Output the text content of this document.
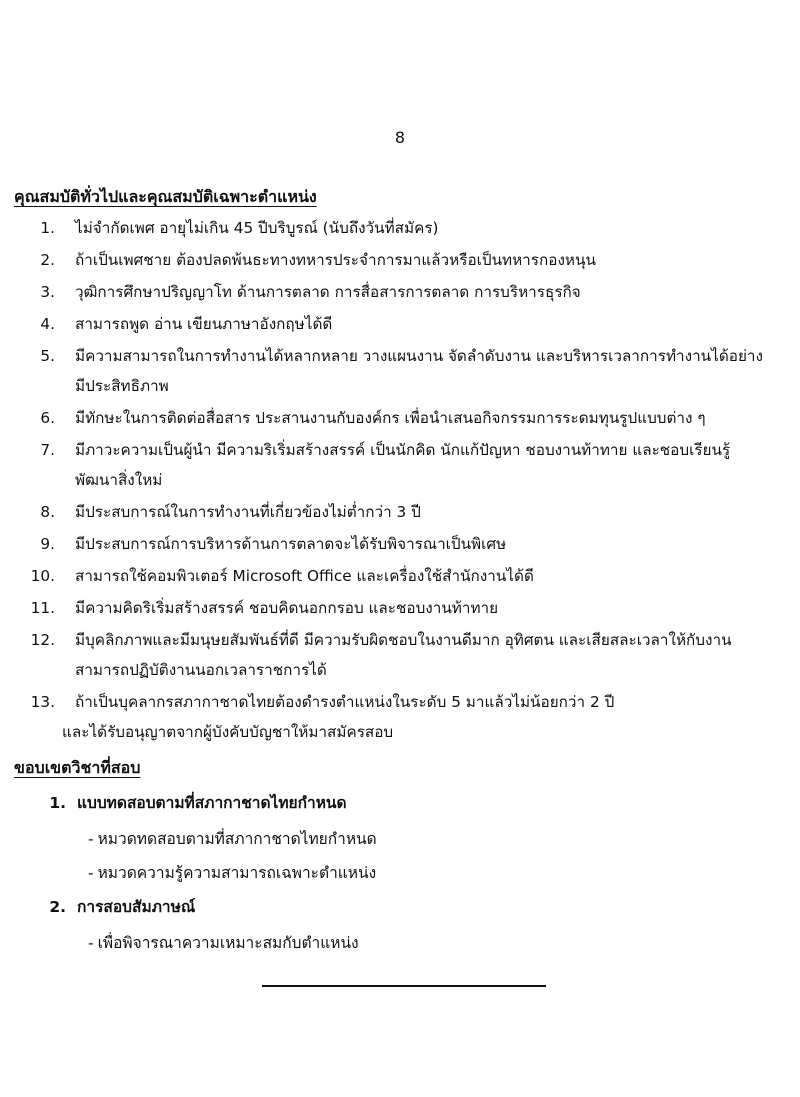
8
คุณสมบัติทั่วไปและคุณสมบัติเฉพาะตำแหน่ง
1. ไม่จำกัดเพศ อายุไม่เกิน 45 ปีบริบูรณ์ (นับถึงวันที่สมัคร)
2. ถ้าเป็นเพศชาย ต้องปลดพ้นธะทางทหารประจำการมาแล้วหรือเป็นทหารกองหนุน
3. วุฒิการศึกษาปริญญาโท ด้านการตลาด การสื่อสารการตลาด การบริหารธุรกิจ
4. สามารถพูด อ่าน เขียนภาษาอังกฤษได้ดี
5. มีความสามารถในการทำงานได้หลากหลาย วางแผนงาน จัดลำดับงาน และบริหารเวลาการทำงานได้อย่าง
มีประสิทธิภาพ
6. มีทักษะในการติดต่อสื่อสาร ประสานงานกับองค์กร เพื่อนำเสนอกิจกรรมการระดมทุนรูปแบบต่าง ๆ
7. มีภาวะความเป็นผู้นำ มีความริเริ่มสร้างสรรค์ เป็นนักคิด นักแก้ปัญหา ชอบงานท้าทาย และชอบเรียนรู้
พัฒนาสิ่งใหม่
8. มีประสบการณ์ในการทำงานที่เกี่ยวข้องไม่ต่ำกว่า 3 ปี
9. มีประสบการณ์การบริหารด้านการตลาดจะได้รับพิจารณาเป็นพิเศษ
10. สามารถใช้คอมพิวเตอร์ Microsoft Office และเครื่องใช้สำนักงานได้ดี
11. มีความคิดริเริ่มสร้างสรรค์ ชอบคิดนอกกรอบ และชอบงานท้าทาย
12. มีบุคลิกภาพและมีมนุษยสัมพันธ์ที่ดี มีความรับผิดชอบในงานดีมาก อุทิศตน และเสียสละเวลาให้กับงาน
สามารถปฏิบัติงานนอกเวลาราชการได้
13. ถ้าเป็นบุคลากรสภากาชาดไทยต้องดำรงตำแหน่งในระดับ 5 มาแล้วไม่น้อยกว่า 2 ปี
และได้รับอนุญาตจากผู้บังคับบัญชาให้มาสมัครสอบ
ขอบเขตวิชาที่สอบ
1. แบบทดสอบตามที่สภากาชาดไทยกำหนด
- หมวดทดสอบตามที่สภากาชาดไทยกำหนด
- หมวดความรู้ความสามารถเฉพาะตำแหน่ง
2. การสอบสัมภาษณ์
- เพื่อพิจารณาความเหมาะสมกับตำแหน่ง
